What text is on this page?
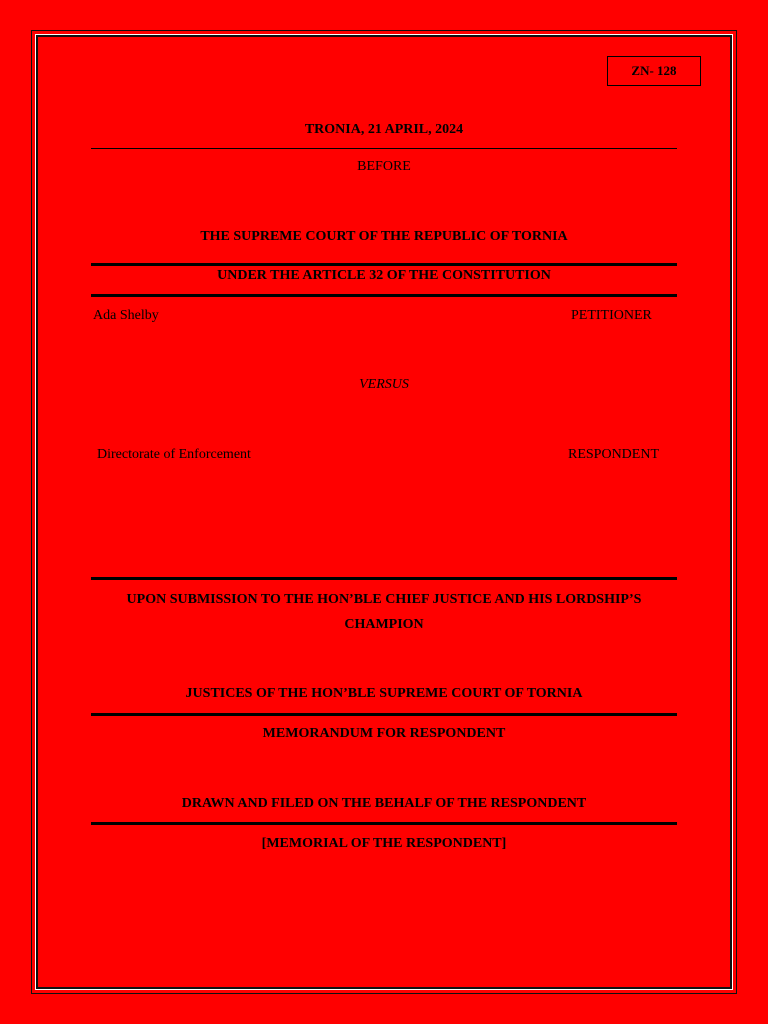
ZN- 128
TRONIA, 21 APRIL, 2024
BEFORE
THE SUPREME COURT OF THE REPUBLIC OF TORNIA
UNDER THE ARTICLE 32 OF THE CONSTITUTION
Ada Shelby	PETITIONER
VERSUS
Directorate of Enforcement	RESPONDENT
UPON SUBMISSION TO THE HON’BLE CHIEF JUSTICE AND HIS LORDSHIP’S
CHAMPION
JUSTICES OF THE HON’BLE SUPREME COURT OF TORNIA
MEMORANDUM FOR RESPONDENT
DRAWN AND FILED ON THE BEHALF OF THE RESPONDENT
[MEMORIAL OF THE RESPONDENT]
